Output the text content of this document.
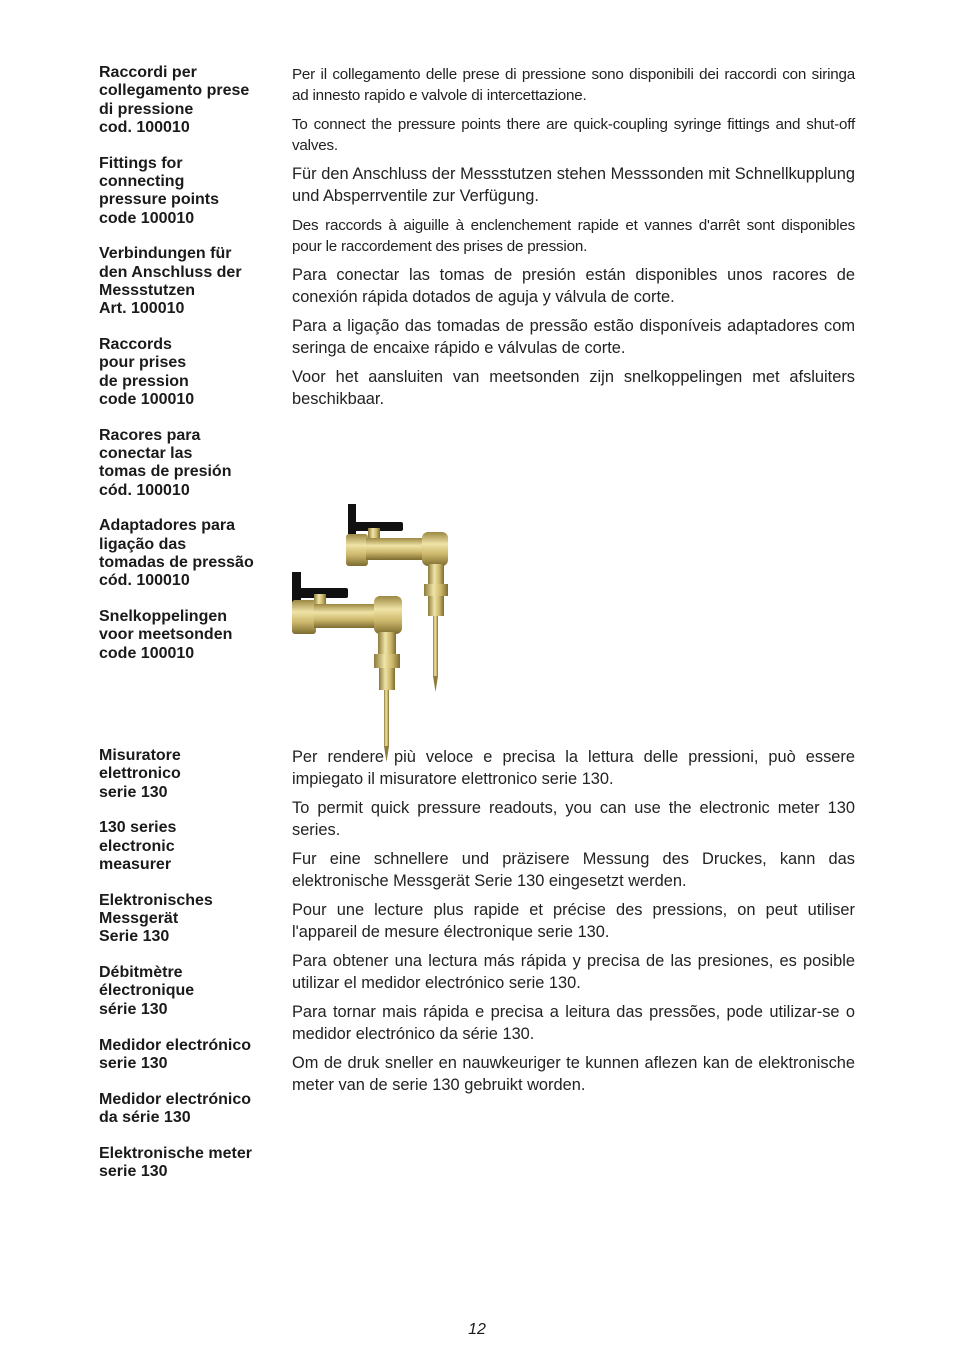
Raccordi per
collegamento prese
di pressione
cod. 100010

Fittings for
connecting
pressure points
code 100010

Verbindungen für
den Anschluss der
Messstutzen
Art. 100010

Raccords
pour prises
de pression
code 100010

Racores para
conectar las
tomas de presión
cód. 100010

Adaptadores para
ligação das
tomadas de pressão
cód. 100010

Snelkoppelingen
voor meetsonden
code 100010

Per il collegamento delle prese di pressione sono disponibili dei raccordi con siringa ad innesto rapido e valvole di intercettazione.

To connect the pressure points there are quick-coupling syringe fittings and shut-off valves.

Für den Anschluss der Messstutzen stehen Messsonden mit Schnellkupplung und Absperrventile zur Verfügung.

Des raccords à aiguille à enclenchement rapide et vannes d'arrêt sont disponibles pour le raccordement des prises de pression.

Para conectar las tomas de presión están disponibles unos racores de conexión rápida dotados de aguja y válvula de corte.

Para a ligação das tomadas de pressão estão disponíveis adaptadores com seringa de encaixe rápido e válvulas de corte.

Voor het aansluiten van meetsonden zijn snelkoppelingen met afsluiters beschikbaar.

Misuratore
elettronico
serie 130

130 series
electronic
measurer

Elektronisches
Messgerät
Serie 130

Débitmètre
électronique
série 130

Medidor electrónico
serie 130

Medidor electrónico
da série 130

Elektronische meter
serie 130

Per rendere più veloce e precisa la lettura delle pressioni, può essere impiegato il misuratore elettronico serie 130.

To permit quick pressure readouts, you can use the electronic meter 130 series.

Fur eine schnellere und präzisere Messung des Druckes, kann das elektronische Messgerät Serie 130 eingesetzt werden.

Pour une lecture plus rapide et précise des pressions, on peut utiliser l'appareil de mesure électronique serie 130.

Para obtener una lectura más rápida y precisa de las presiones, es posible utilizar el medidor electrónico serie 130.

Para tornar mais rápida e precisa a leitura das pressões, pode utilizar-se o medidor electrónico da série 130.

Om de druk sneller en nauwkeuriger te kunnen aflezen kan de elektronische meter van de serie 130 gebruikt worden.

12
